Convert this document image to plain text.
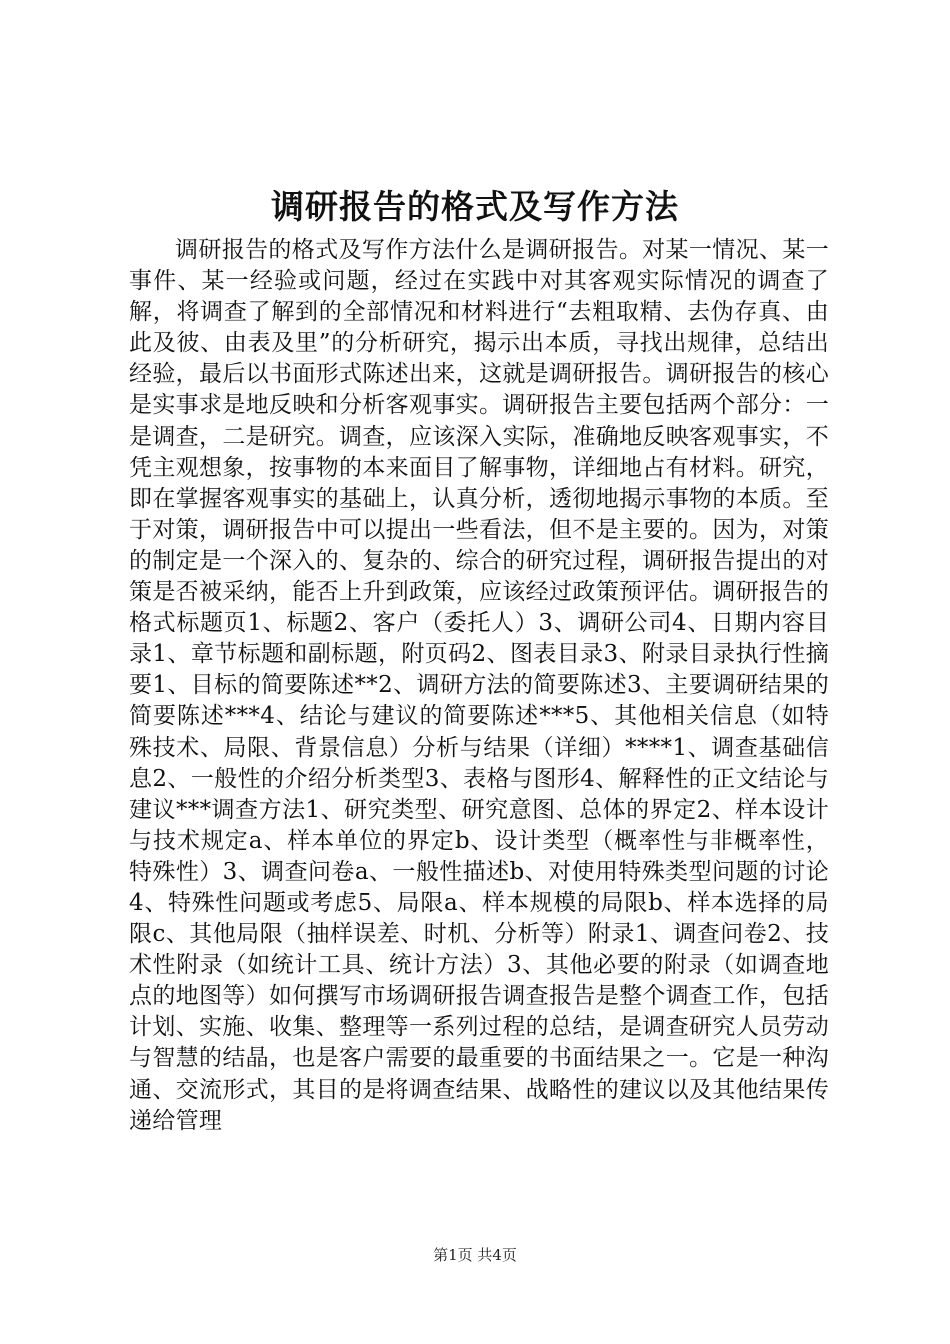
调研报告的格式及写作方法

调研报告的格式及写作方法什么是调研报告。对某一情况、某一事件、某一经验或问题，经过在实践中对其客观实际情况的调查了解，将调查了解到的全部情况和材料进行“去粗取精、去伪存真、由此及彼、由表及里”的分析研究，揭示出本质，寻找出规律，总结出经验，最后以书面形式陈述出来，这就是调研报告。调研报告的核心是实事求是地反映和分析客观事实。调研报告主要包括两个部分：一是调查，二是研究。调查，应该深入实际，准确地反映客观事实，不凭主观想象，按事物的本来面目了解事物，详细地占有材料。研究，即在掌握客观事实的基础上，认真分析，透彻地揭示事物的本质。至于对策，调研报告中可以提出一些看法，但不是主要的。因为，对策的制定是一个深入的、复杂的、综合的研究过程，调研报告提出的对策是否被采纳，能否上升到政策，应该经过政策预评估。调研报告的格式标题页1、标题2、客户（委托人）3、调研公司4、日期内容目录1、章节标题和副标题，附页码2、图表目录3、附录目录执行性摘要1、目标的简要陈述**2、调研方法的简要陈述3、主要调研结果的简要陈述***4、结论与建议的简要陈述***5、其他相关信息（如特殊技术、局限、背景信息）分析与结果（详细）****1、调查基础信息2、一般性的介绍分析类型3、表格与图形4、解释性的正文结论与建议***调查方法1、研究类型、研究意图、总体的界定2、样本设计与技术规定a、样本单位的界定b、设计类型（概率性与非概率性，特殊性）3、调查问卷a、一般性描述b、对使用特殊类型问题的讨论4、特殊性问题或考虑5、局限a、样本规模的局限b、样本选择的局限c、其他局限（抽样误差、时机、分析等）附录1、调查问卷2、技术性附录（如统计工具、统计方法）3、其他必要的附录（如调查地点的地图等）如何撰写市场调研报告调查报告是整个调查工作，包括计划、实施、收集、整理等一系列过程的总结，是调查研究人员劳动与智慧的结晶，也是客户需要的最重要的书面结果之一。它是一种沟通、交流形式，其目的是将调查结果、战略性的建议以及其他结果传递给管理

第1页 共4页
